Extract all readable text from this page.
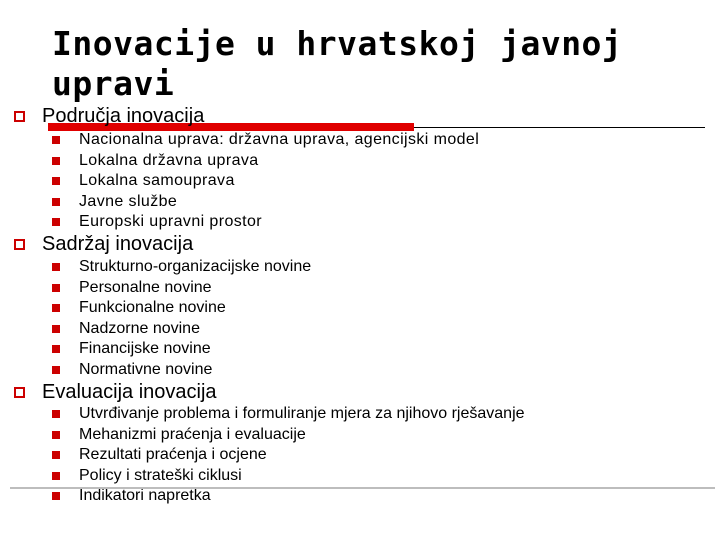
Inovacije u hrvatskoj javnoj
upravi
Područja inovacija
Nacionalna uprava: državna uprava, agencijski model
Lokalna državna uprava
Lokalna samouprava
Javne službe
Europski upravni prostor
Sadržaj inovacija
Strukturno-organizacijske novine
Personalne novine
Funkcionalne novine
Nadzorne novine
Financijske novine
Normativne novine
Evaluacija inovacija
Utvrđivanje problema i formuliranje mjera za njihovo rješavanje
Mehanizmi praćenja i evaluacije
Rezultati praćenja i ocjene
Policy i strateški ciklusi
Indikatori napretka
